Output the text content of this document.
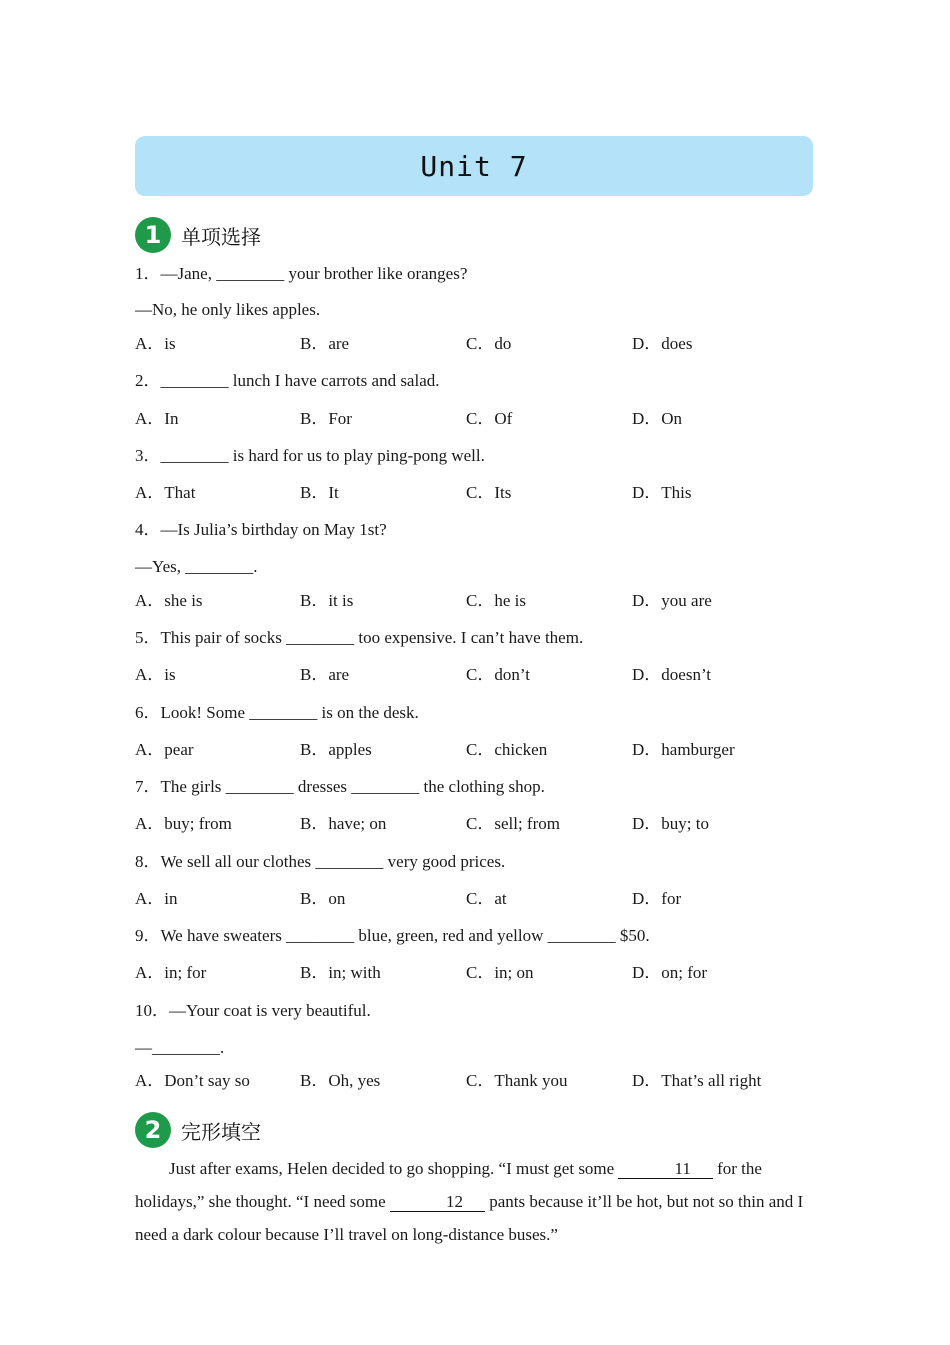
Unit 7
1 单项选择
1．—Jane, ________ your brother like oranges?
—No, he only likes apples.
A．is	B．are	C．do	D．does
2．________ lunch I have carrots and salad.
A．In	B．For	C．Of	D．On
3．________ is hard for us to play ping-pong well.
A．That	B．It	C．Its	D．This
4．—Is Julia’s birthday on May 1st?
—Yes, ________.
A．she is	B．it is	C．he is	D．you are
5．This pair of socks ________ too expensive. I can’t have them.
A．is	B．are	C．don’t	D．doesn’t
6．Look! Some ________ is on the desk.
A．pear	B．apples	C．chicken	D．hamburger
7．The girls ________ dresses ________ the clothing shop.
A．buy; from	B．have; on	C．sell; from	D．buy; to
8．We sell all our clothes ________ very good prices.
A．in	B．on	C．at	D．for
9．We have sweaters ________ blue, green, red and yellow ________ $50.
A．in; for	B．in; with	C．in; on	D．on; for
10．—Your coat is very beautiful.
—________.
A．Don’t say so	B．Oh, yes	C．Thank you	D．That’s all right
2 完形填空
Just after exams, Helen decided to go shopping. “I must get some	11 for the holidays,” she thought. “I need some	12 pants because it’ll be hot, but not so thin and I need a dark colour because I’ll travel on long-distance buses.”
